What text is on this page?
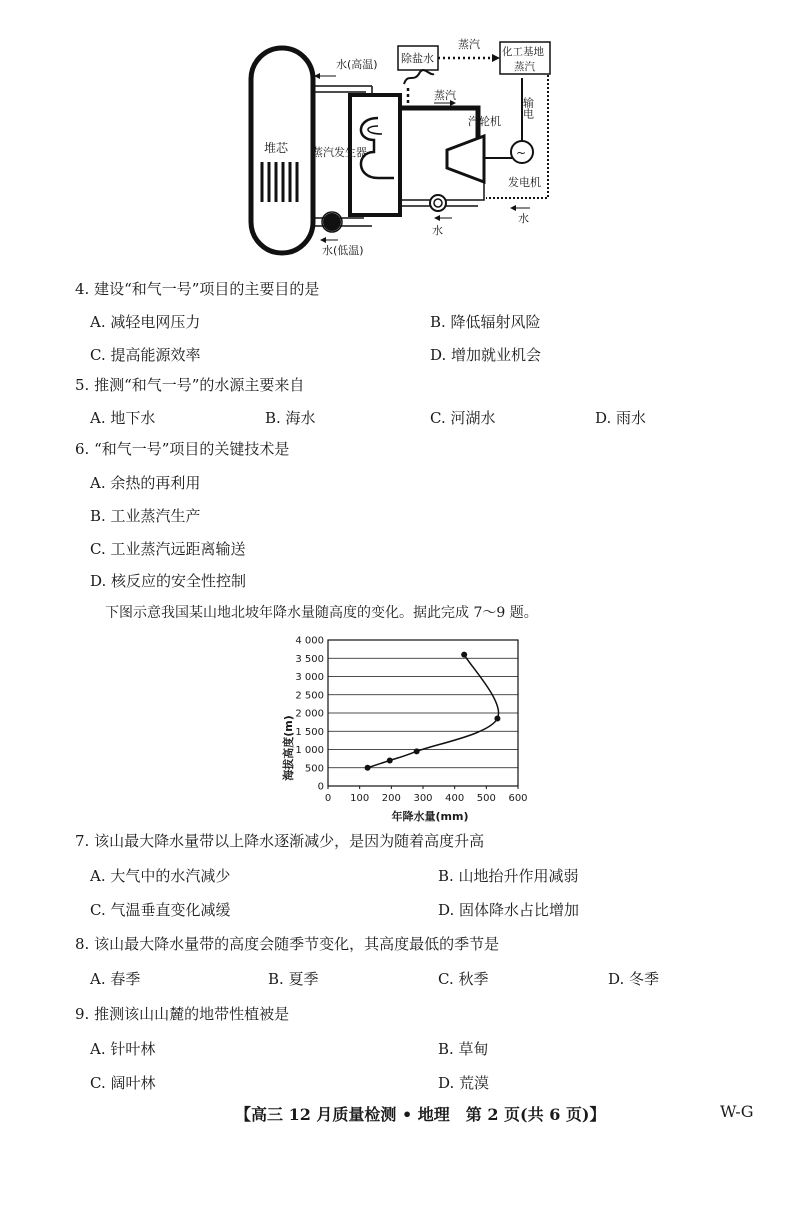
堆芯
水(高温)
水(低温)
蒸汽发生器
蒸汽
汽轮机
~
发电机
输电
水
水
除盐水
蒸汽
化工基地
蒸汽
4. 建设“和气一号”项目的主要目的是
A. 减轻电网压力	B. 降低辐射风险
C. 提高能源效率	D. 增加就业机会
5. 推测“和气一号”的水源主要来自
A. 地下水	B. 海水	C. 河湖水	D. 雨水
6. “和气一号”项目的关键技术是
A. 余热的再利用
B. 工业蒸汽生产
C. 工业蒸汽远距离输送
D. 核反应的安全性控制
下图示意我国某山地北坡年降水量随高度的变化。据此完成 7～9 题。
0
500
1 000
1 500
2 000
2 500
3 000
3 500
4 000
0 100 200 300 400 500 600
海拔高度(m)
年降水量(mm)
7. 该山最大降水量带以上降水逐渐减少，是因为随着高度升高
A. 大气中的水汽减少	B. 山地抬升作用减弱
C. 气温垂直变化减缓	D. 固体降水占比增加
8. 该山最大降水量带的高度会随季节变化，其高度最低的季节是
A. 春季	B. 夏季	C. 秋季	D. 冬季
9. 推测该山山麓的地带性植被是
A. 针叶林	B. 草甸
C. 阔叶林	D. 荒漠
【高三 12 月质量检测 • 地理　第 2 页(共 6 页)】	W-G
